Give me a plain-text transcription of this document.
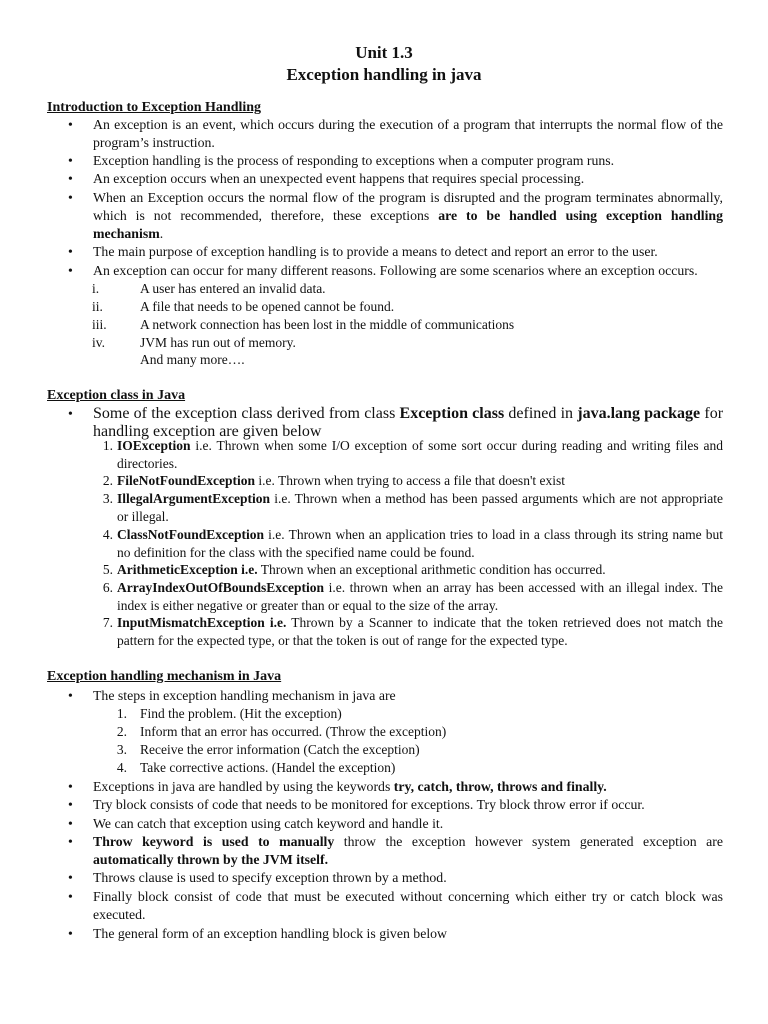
Unit 1.3
Exception handling in java
Introduction to Exception Handling
• An exception is an event, which occurs during the execution of a program that interrupts the normal flow of the program’s instruction.
• Exception handling is the process of responding to exceptions when a computer program runs.
• An exception occurs when an unexpected event happens that requires special processing.
• When an Exception occurs the normal flow of the program is disrupted and the program terminates abnormally, which is not recommended, therefore, these exceptions are to be handled using exception handling mechanism.
• The main purpose of exception handling is to provide a means to detect and report an error to the user.
• An exception can occur for many different reasons. Following are some scenarios where an exception occurs.
i.	A user has entered an invalid data.
ii.	A file that needs to be opened cannot be found.
iii. A network connection has been lost in the middle of communications
iv.	JVM has run out of memory.
And many more….
Exception class in Java
• Some of the exception class derived from class Exception class defined in java.lang package for handling exception are given below
1. IOException i.e. Thrown when some I/O exception of some sort occur during reading and writing files and directories.
2. FileNotFoundException i.e. Thrown when trying to access a file that doesn't exist
3. IllegalArgumentException i.e. Thrown when a method has been passed arguments which are not appropriate or illegal.
4. ClassNotFoundException i.e. Thrown when an application tries to load in a class through its string name but no definition for the class with the specified name could be found.
5. ArithmeticException i.e. Thrown when an exceptional arithmetic condition has occurred.
6. ArrayIndexOutOfBoundsException i.e. thrown when an array has been accessed with an illegal index. The index is either negative or greater than or equal to the size of the array.
7. InputMismatchException i.e. Thrown by a Scanner to indicate that the token retrieved does not match the pattern for the expected type, or that the token is out of range for the expected type.
Exception handling mechanism in Java
• The steps in exception handling mechanism in java are
1. Find the problem. (Hit the exception)
2. Inform that an error has occurred. (Throw the exception)
3. Receive the error information (Catch the exception)
4. Take corrective actions. (Handel the exception)
• Exceptions in java are handled by using the keywords try, catch, throw, throws and finally.
• Try block consists of code that needs to be monitored for exceptions. Try block throw error if occur.
• We can catch that exception using catch keyword and handle it.
• Throw keyword is used to manually throw the exception however system generated exception are automatically thrown by the JVM itself.
• Throws clause is used to specify exception thrown by a method.
• Finally block consist of code that must be executed without concerning which either try or catch block was executed.
• The general form of an exception handling block is given below
